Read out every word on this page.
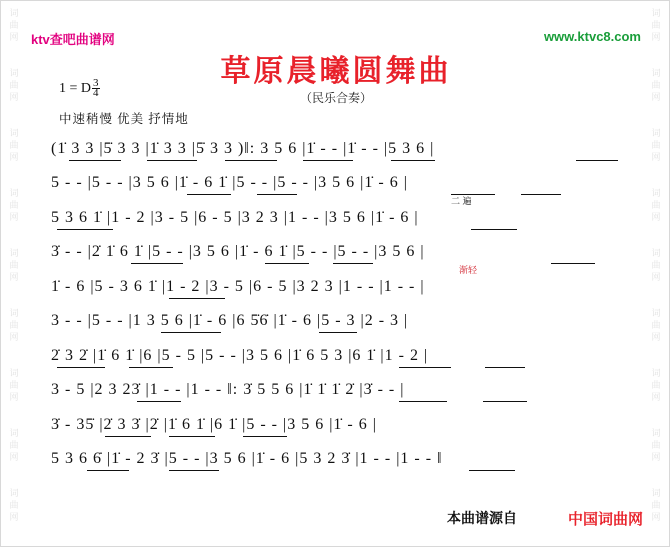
词
曲
网
词
曲
网
词
曲
网
词
曲
网
词
曲
网
词
曲
网
词
曲
网
词
曲
网
词
曲
网
词
曲
网
词
曲
网
词
曲
网
词
曲
网
词
曲
网
词
曲
网
词
曲
网
词
曲
网
词
曲
网
ktv查吧曲谱网	www.ktvc8.com
草原晨曦圆舞曲
（民乐合奏）
1 = D $\frac{3}{4}$
中速稍慢 优美 抒情地
(1̇ 3 3 |5̇ 3 3 |1̇ 3 3 |5̇ 3 3 )‖: 3 5 6 |1̇ - - |1̇ - - |5 3 6 |
5 - - |5 - - |3 5 6 |1̇ - 6 1̇ |5 - - |5 - - |3 5 6 |1̇ - 6 |
5 3 6 1̇ |1 - 2 |3 - 5 |6 - 5 |3 2 3 |1 - - |3 5 6 |1̇ - 6 |
二 遍
3̇ - - |2̇ 1̇ 6 1̇ |5 - - |3 5 6 |1̇ - 6 1̇ |5 - - |5 - - |3 5 6 |
1̇ - 6 |5 - 3 6 1̇ |1 - 2 |3 - 5 |6 - 5 |3 2 3 |1 - - |1 - - |
渐轻
3 - - |5 - - |1 3 5 6 |1̇ - 6 |6 5̇6̇ |1̇ - 6 |5 - 3 |2 - 3 |
2̇ 3 2̇ |1̇ 6 1̇ |6 |5 - 5 |5 - - |3 5 6 |1̇ 6 5 3 |6 1̇ |1 - 2 |
3 - 5 |2 3 23̇ |1 - - |1 - - ‖: 3̇ 5 5 6 |1̇ 1̇ 1̇ 2̇ |3̇ - - |
3̇ - 35̇ |2̇ 3 3̇ |2̇ |1̇ 6 1̇ |6 1̇ |5 - - |3 5 6 |1̇ - 6 |
5 3 6 6̇ |1̇ - 2 3̇ |5 - - |3 5 6 |1̇ - 6 |5 3 2 3̇ |1 - - |1 - - ‖
本曲谱源自	中国词曲网
